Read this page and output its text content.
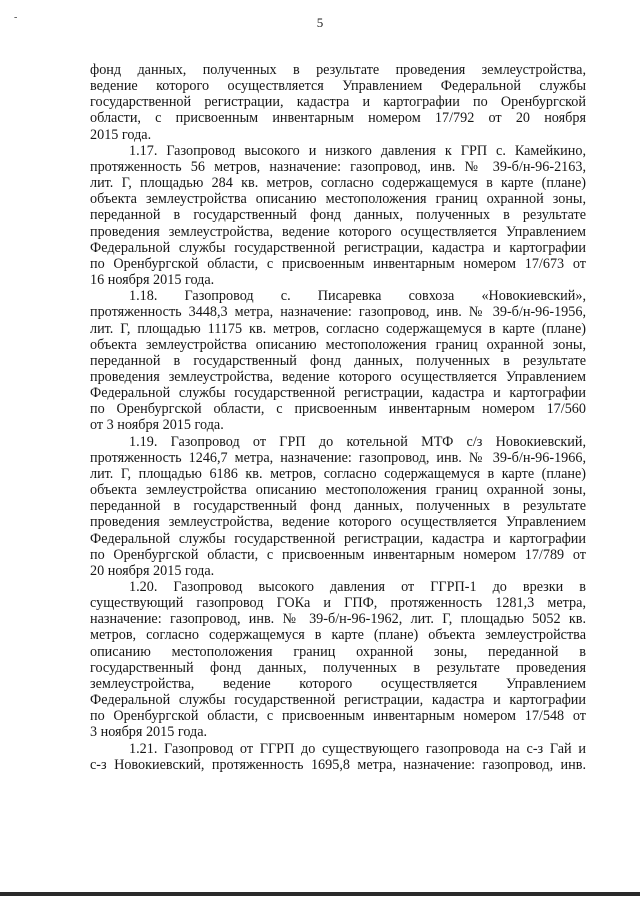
-	5
фонд данных, полученных в результате проведения землеустройства,
ведение которого осуществляется Управлением Федеральной службы
государственной регистрации, кадастра и картографии по Оренбургской
области, с присвоенным инвентарным номером 17/792 от 20 ноября
2015 года.
1.17. Газопровод высокого и низкого давления к ГРП с. Камейкино,
протяженность 56 метров, назначение: газопровод, инв. № 39-б/н-96-2163,
лит. Г, площадью 284 кв. метров, согласно содержащемуся в карте (плане)
объекта землеустройства описанию местоположения границ охранной зоны,
переданной в государственный фонд данных, полученных в результате
проведения землеустройства, ведение которого осуществляется Управлением
Федеральной службы государственной регистрации, кадастра и картографии
по Оренбургской области, с присвоенным инвентарным номером 17/673 от
16 ноября 2015 года.
1.18. Газопровод с. Писаревка совхоза «Новокиевский»,
протяженность 3448,3 метра, назначение: газопровод, инв. № 39-б/н-96-1956,
лит. Г, площадью 11175 кв. метров, согласно содержащемуся в карте (плане)
объекта землеустройства описанию местоположения границ охранной зоны,
переданной в государственный фонд данных, полученных в результате
проведения землеустройства, ведение которого осуществляется Управлением
Федеральной службы государственной регистрации, кадастра и картографии
по Оренбургской области, с присвоенным инвентарным номером 17/560
от 3 ноября 2015 года.
1.19. Газопровод от ГРП до котельной МТФ с/з Новокиевский,
протяженность 1246,7 метра, назначение: газопровод, инв. № 39-б/н-96-1966,
лит. Г, площадью 6186 кв. метров, согласно содержащемуся в карте (плане)
объекта землеустройства описанию местоположения границ охранной зоны,
переданной в государственный фонд данных, полученных в результате
проведения землеустройства, ведение которого осуществляется Управлением
Федеральной службы государственной регистрации, кадастра и картографии
по Оренбургской области, с присвоенным инвентарным номером 17/789 от
20 ноября 2015 года.
1.20. Газопровод высокого давления от ГГРП-1 до врезки в
существующий газопровод ГОКа и ГПФ, протяженность 1281,3 метра,
назначение: газопровод, инв. № 39-б/н-96-1962, лит. Г, площадью 5052 кв.
метров, согласно содержащемуся в карте (плане) объекта землеустройства
описанию местоположения границ охранной зоны, переданной в
государственный фонд данных, полученных в результате проведения
землеустройства, ведение которого осуществляется Управлением
Федеральной службы государственной регистрации, кадастра и картографии
по Оренбургской области, с присвоенным инвентарным номером 17/548 от
3 ноября 2015 года.
1.21. Газопровод от ГГРП до существующего газопровода на с-з Гай и
с-з Новокиевский, протяженность 1695,8 метра, назначение: газопровод, инв.
